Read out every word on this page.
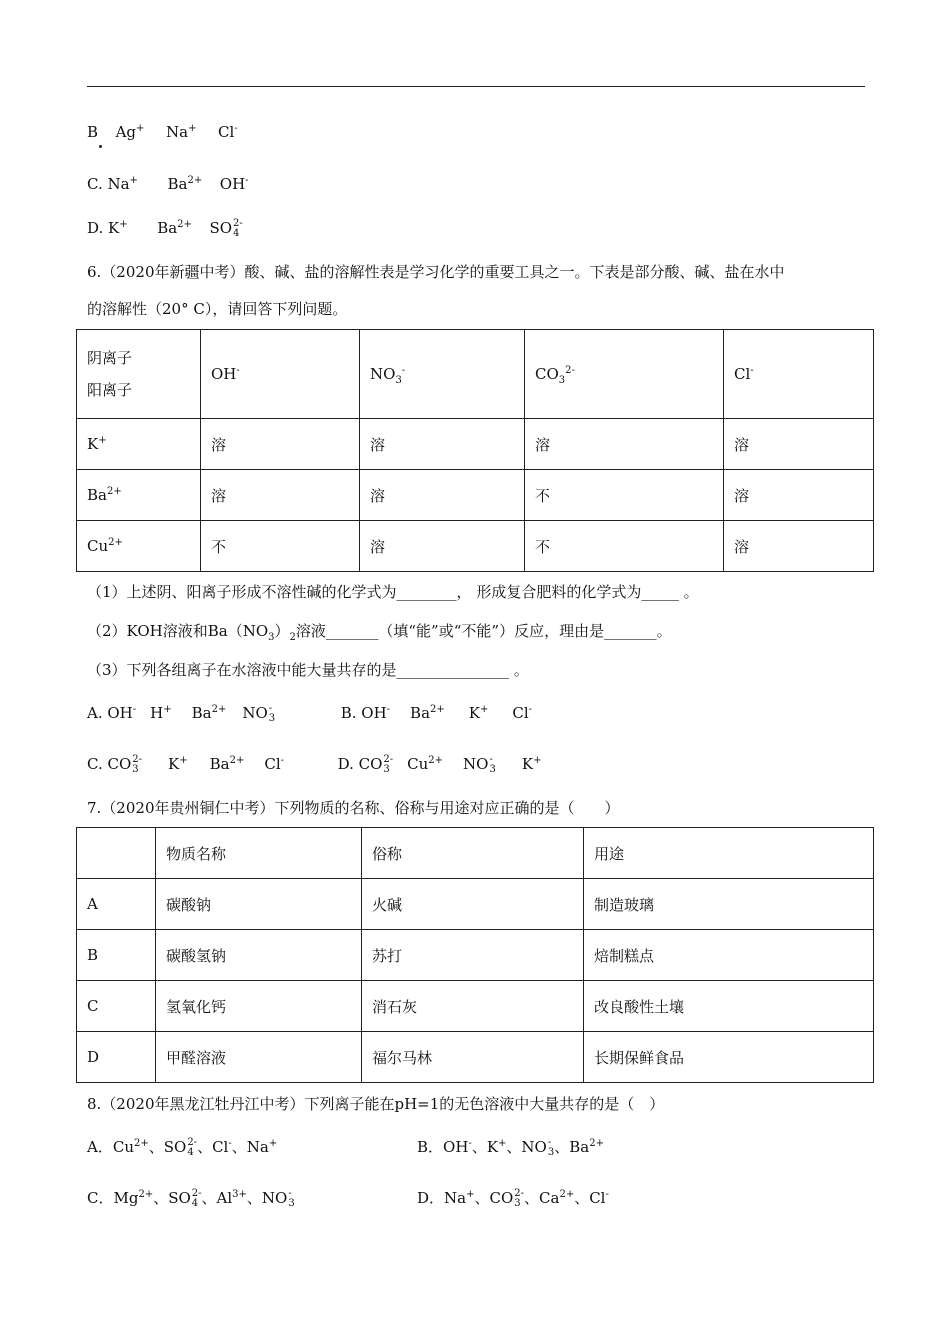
B Ag+ Na+ Cl-
C. Na+ $Ba^{2+}$ OH-
D. K+ $Ba^{2+}$ SO 2-
4
6.（2020年新疆中考）酸、碱、盐的溶解性表是学习化学的重要工具之一。下表是部分酸、碱、盐在水中
的溶解性（20° C），请回答下列问题。
阴离子
阳离子	OH-	$NO_3^-$	$CO_3^{2-}$	Cl-
K+	溶	溶	溶	溶
$Ba^{2+}$	溶	溶	不	溶
$Cu^{2+}$	不	溶	不	溶
（1）上述阴、阳离子形成不溶性碱的化学式为________， 形成复合肥料的化学式为_____ 。
（2）KOH溶液和$Ba(NO_3)_2$溶液_______（填“能”或“不能”）反应，理由是_______。
（3）下列各组离子在水溶液中能大量共存的是_______________ 。
A. OH- H+ $Ba^{2+}$ NO -
3	B. OH- $Ba^{2+}$ K+ Cl-
C. CO 2-
3 K+ $Ba^{2+}$ Cl-	D. CO 2-
3 $Cu^{2+}$ NO -
3 K+
7.（2020年贵州铜仁中考）下列物质的名称、俗称与用途对应正确的是（　　）
	物质名称	俗称	用途
A	碳酸钠	火碱	制造玻璃
B	碳酸氢钠	苏打	焙制糕点
C	氢氧化钙	消石灰	改良酸性土壤
D	甲醛溶液	福尔马林	长期保鲜食品
8.（2020年黑龙江牡丹江中考）下列离子能在pH=1的无色溶液中大量共存的是（　）
A．$Cu^{2+}$、SO 2-
4 、Cl-、Na+	B．OH-、K+、NO -
3 、$Ba^{2+}$
C．$Mg^{2+}$、SO 2-
4 、$Al^{3+}$、NO -
3	D．Na+、CO 2-
3 、$Ca^{2+}$、Cl-
